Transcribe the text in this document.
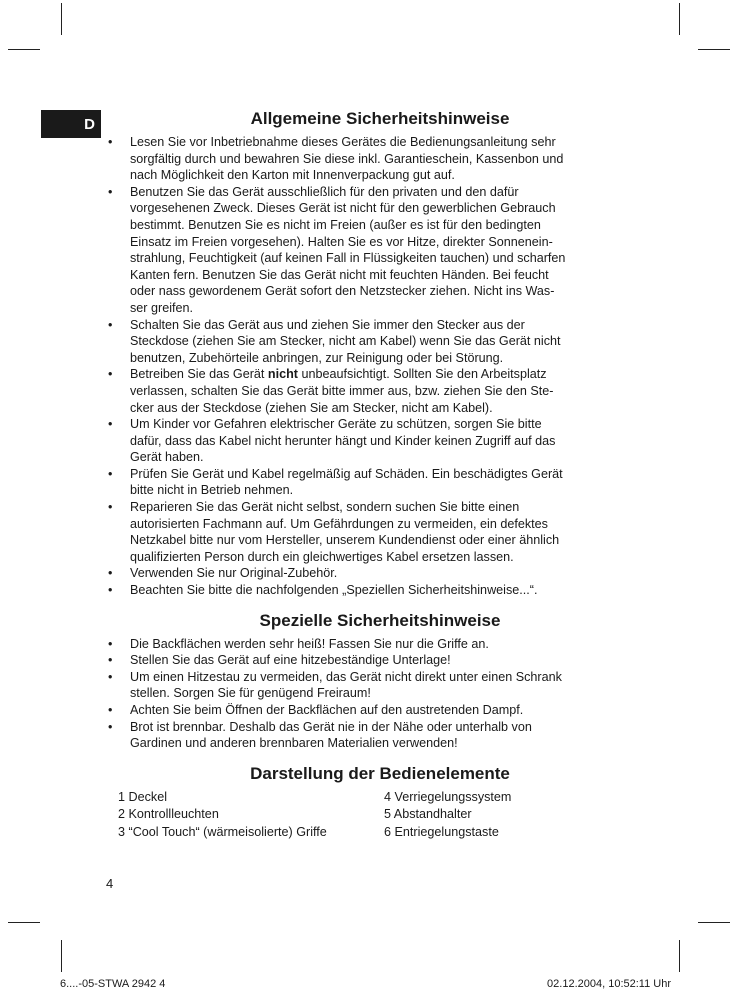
D	Allgemeine Sicherheitshinweise
• Lesen Sie vor Inbetriebnahme dieses Gerätes die Bedienungsanleitung sehr
sorgfältig durch und bewahren Sie diese inkl. Garantieschein, Kassenbon und
nach Möglichkeit den Karton mit Innenverpackung gut auf.
• Benutzen Sie das Gerät ausschließlich für den privaten und den dafür
vorgesehenen Zweck. Dieses Gerät ist nicht für den gewerblichen Gebrauch
bestimmt. Benutzen Sie es nicht im Freien (außer es ist für den bedingten
Einsatz im Freien vorgesehen). Halten Sie es vor Hitze, direkter Sonnenein-
strahlung, Feuchtigkeit (auf keinen Fall in Flüssigkeiten tauchen) und scharfen
Kanten fern. Benutzen Sie das Gerät nicht mit feuchten Händen. Bei feucht
oder nass gewordenem Gerät sofort den Netzstecker ziehen. Nicht ins Was-
ser greifen.
• Schalten Sie das Gerät aus und ziehen Sie immer den Stecker aus der
Steckdose (ziehen Sie am Stecker, nicht am Kabel) wenn Sie das Gerät nicht
benutzen, Zubehörteile anbringen, zur Reinigung oder bei Störung.
• Betreiben Sie das Gerät nicht unbeaufsichtigt. Sollten Sie den Arbeitsplatz
verlassen, schalten Sie das Gerät bitte immer aus, bzw. ziehen Sie den Ste-
cker aus der Steckdose (ziehen Sie am Stecker, nicht am Kabel).
• Um Kinder vor Gefahren elektrischer Geräte zu schützen, sorgen Sie bitte
dafür, dass das Kabel nicht herunter hängt und Kinder keinen Zugriff auf das
Gerät haben.
• Prüfen Sie Gerät und Kabel regelmäßig auf Schäden. Ein beschädigtes Gerät
bitte nicht in Betrieb nehmen.
• Reparieren Sie das Gerät nicht selbst, sondern suchen Sie bitte einen
autorisierten Fachmann auf. Um Gefährdungen zu vermeiden, ein defektes
Netzkabel bitte nur vom Hersteller, unserem Kundendienst oder einer ähnlich
qualifizierten Person durch ein gleichwertiges Kabel ersetzen lassen.
• Verwenden Sie nur Original-Zubehör.
• Beachten Sie bitte die nachfolgenden „Speziellen Sicherheitshinweise...“.
Spezielle Sicherheitshinweise
• Die Backflächen werden sehr heiß! Fassen Sie nur die Griffe an.
• Stellen Sie das Gerät auf eine hitzebeständige Unterlage!
• Um einen Hitzestau zu vermeiden, das Gerät nicht direkt unter einen Schrank
stellen. Sorgen Sie für genügend Freiraum!
• Achten Sie beim Öffnen der Backflächen auf den austretenden Dampf.
• Brot ist brennbar. Deshalb das Gerät nie in der Nähe oder unterhalb von
Gardinen und anderen brennbaren Materialien verwenden!
Darstellung der Bedienelemente
1 Deckel
2 Kontrollleuchten
3 “Cool Touch“ (wärmeisolierte) Griffe
4 Verriegelungssystem
5 Abstandhalter
6 Entriegelungstaste
4
6....-05-STWA 2942 4	02.12.2004, 10:52:11 Uhr
